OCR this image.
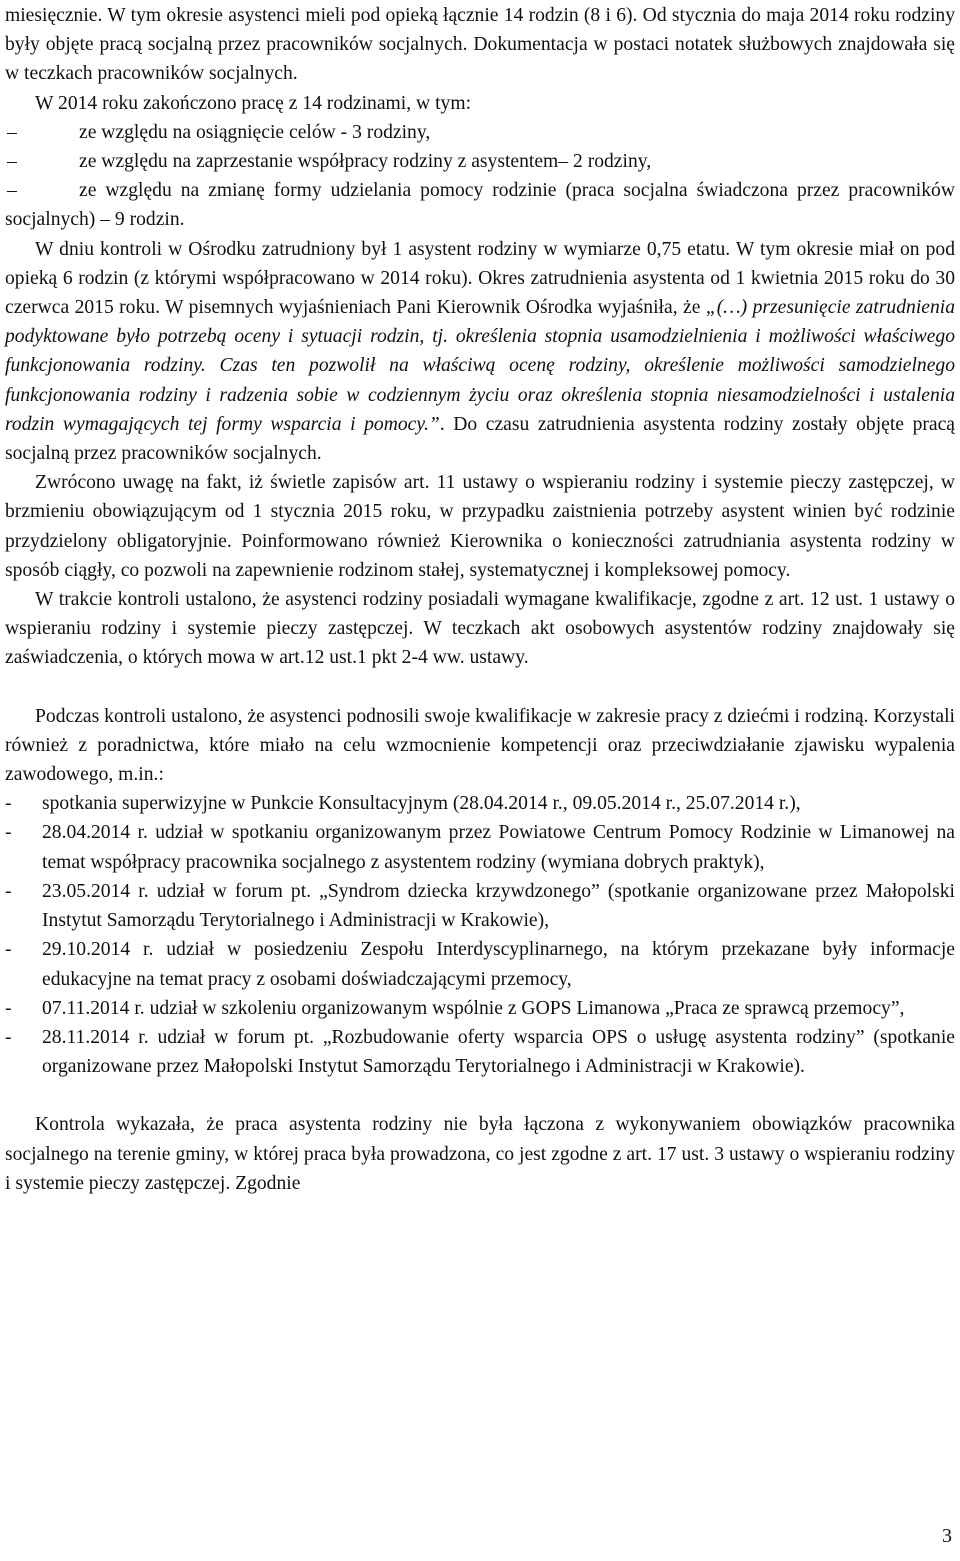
miesięcznie. W tym okresie asystenci mieli pod opieką łącznie 14 rodzin (8 i 6). Od stycznia do maja 2014 roku rodziny były objęte pracą socjalną przez pracowników socjalnych. Dokumentacja w postaci notatek służbowych znajdowała się w teczkach pracowników socjalnych.

W 2014 roku zakończono pracę z 14 rodzinami, w tym:

–	ze względu na osiągnięcie celów - 3 rodziny,
–	ze względu na zaprzestanie współpracy rodziny z asystentem– 2 rodziny,
–	ze względu na zmianę formy udzielania pomocy rodzinie (praca socjalna świadczona przez pracowników socjalnych) – 9 rodzin.

W dniu kontroli w Ośrodku zatrudniony był 1 asystent rodziny w wymiarze 0,75 etatu. W tym okresie miał on pod opieką 6 rodzin (z którymi współpracowano w 2014 roku). Okres zatrudnienia asystenta od 1 kwietnia 2015 roku do 30 czerwca 2015 roku. W pisemnych wyjaśnieniach Pani Kierownik Ośrodka wyjaśniła, że „(…) przesunięcie zatrudnienia podyktowane było potrzebą oceny i sytuacji rodzin, tj. określenia stopnia usamodzielnienia i możliwości właściwego funkcjonowania rodziny. Czas ten pozwolił na właściwą ocenę rodziny, określenie możliwości samodzielnego funkcjonowania rodziny i radzenia sobie w codziennym życiu oraz określenia stopnia niesamodzielności i ustalenia rodzin wymagających tej formy wsparcia i pomocy.”. Do czasu zatrudnienia asystenta rodziny zostały objęte pracą socjalną przez pracowników socjalnych.

Zwrócono uwagę na fakt, iż świetle zapisów art. 11 ustawy o wspieraniu rodziny i systemie pieczy zastępczej, w brzmieniu obowiązującym od 1 stycznia 2015 roku, w przypadku zaistnienia potrzeby asystent winien być rodzinie przydzielony obligatoryjnie. Poinformowano również Kierownika o konieczności zatrudniania asystenta rodziny w sposób ciągły, co pozwoli na zapewnienie rodzinom stałej, systematycznej i kompleksowej pomocy.

W trakcie kontroli ustalono, że asystenci rodziny posiadali wymagane kwalifikacje, zgodne z art. 12 ust. 1 ustawy o wspieraniu rodziny i systemie pieczy zastępczej. W teczkach akt osobowych asystentów rodziny znajdowały się zaświadczenia, o których mowa w art.12 ust.1 pkt 2-4 ww. ustawy.

Podczas kontroli ustalono, że asystenci podnosili swoje kwalifikacje w zakresie pracy z dziećmi i rodziną. Korzystali również z poradnictwa, które miało na celu wzmocnienie kompetencji oraz przeciwdziałanie zjawisku wypalenia zawodowego, m.in.:

- spotkania superwizyjne w Punkcie Konsultacyjnym (28.04.2014 r., 09.05.2014 r., 25.07.2014 r.),
- 28.04.2014 r. udział w spotkaniu organizowanym przez Powiatowe Centrum Pomocy Rodzinie w Limanowej na temat współpracy pracownika socjalnego z asystentem rodziny (wymiana dobrych praktyk),
- 23.05.2014 r. udział w forum pt. „Syndrom dziecka krzywdzonego” (spotkanie organizowane przez Małopolski Instytut Samorządu Terytorialnego i Administracji w Krakowie),
- 29.10.2014 r. udział w posiedzeniu Zespołu Interdyscyplinarnego, na którym przekazane były informacje edukacyjne na temat pracy z osobami doświadczającymi przemocy,
- 07.11.2014 r. udział w szkoleniu organizowanym wspólnie z GOPS Limanowa „Praca ze sprawcą przemocy”,
- 28.11.2014 r. udział w forum pt. „Rozbudowanie oferty wsparcia OPS o usługę asystenta rodziny” (spotkanie organizowane przez Małopolski Instytut Samorządu Terytorialnego i Administracji w Krakowie).

Kontrola wykazała, że praca asystenta rodziny nie była łączona z wykonywaniem obowiązków pracownika socjalnego na terenie gminy, w której praca była prowadzona, co jest zgodne z art. 17 ust. 3 ustawy o wspieraniu rodziny i systemie pieczy zastępczej. Zgodnie

3
